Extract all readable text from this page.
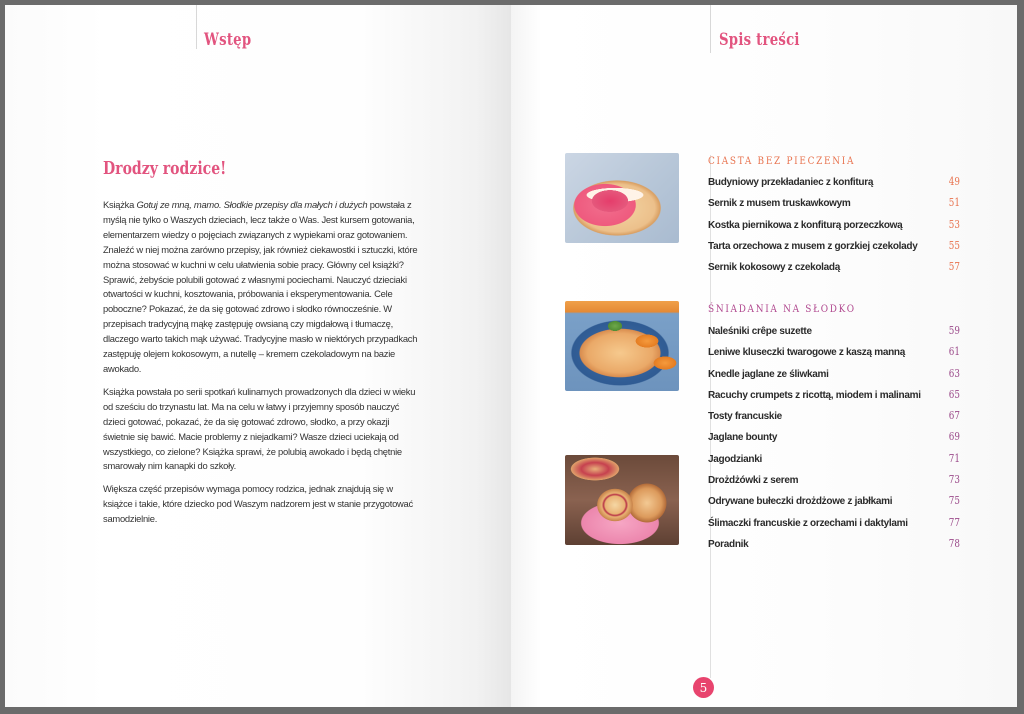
Wstęp	Spis treści
Drodzy rodzice!

Książka Gotuj ze mną, mamo. Słodkie przepisy dla małych i dużych powstała z myślą nie tylko o Waszych dzieciach, lecz także o Was. Jest kursem gotowania, elementarzem wiedzy o pojęciach związanych z wypiekami oraz gotowaniem. Znaleźć w niej można zarówno przepisy, jak również ciekawostki i sztuczki, które można stosować w kuchni w celu ułatwienia sobie pracy. Główny cel książki? Sprawić, żebyście polubili gotować z własnymi pociechami. Nauczyć dzieciaki otwartości w kuchni, kosztowania, próbowania i eksperymentowania. Cele poboczne? Pokazać, że da się gotować zdrowo i słodko równocześnie. W przepisach tradycyjną mąkę zastępuję owsianą czy migdałową i tłumaczę, dlaczego warto takich mąk używać. Tradycyjne masło w niektórych przypadkach zastępuję olejem kokosowym, a nutellę – kremem czekoladowym na bazie awokado.

Książka powstała po serii spotkań kulinarnych prowadzonych dla dzieci w wieku od sześciu do trzynastu lat. Ma na celu w łatwy i przyjemny sposób nauczyć dzieci gotować, pokazać, że da się gotować zdrowo, słodko, a przy okazji świetnie się bawić. Macie problemy z niejadkami? Wasze dzieci uciekają od wszystkiego, co zielone? Książka sprawi, że polubią awokado i będą chętnie smarowały nim kanapki do szkoły.

Większa część przepisów wymaga pomocy rodzica, jednak znajdują się w książce i takie, które dziecko pod Waszym nadzorem jest w stanie przygotować samodzielnie.

CIASTA BEZ PIECZENIA
Budyniowy przekładaniec z konfiturą	49
Sernik z musem truskawkowym	51
Kostka piernikowa z konfiturą porzeczkową	53
Tarta orzechowa z musem z gorzkiej czekolady	55
Sernik kokosowy z czekoladą	57
ŚNIADANIA NA SŁODKO
Naleśniki crêpe suzette	59
Leniwe kluseczki twarogowe z kaszą manną	61
Knedle jaglane ze śliwkami	63
Racuchy crumpets z ricottą, miodem i malinami	65
Tosty francuskie	67
Jaglane bounty	69
Jagodzianki	71
Drożdżówki z serem	73
Odrywane bułeczki drożdżowe z jabłkami	75
Ślimaczki francuskie z orzechami i daktylami	77
Poradnik	78
5
